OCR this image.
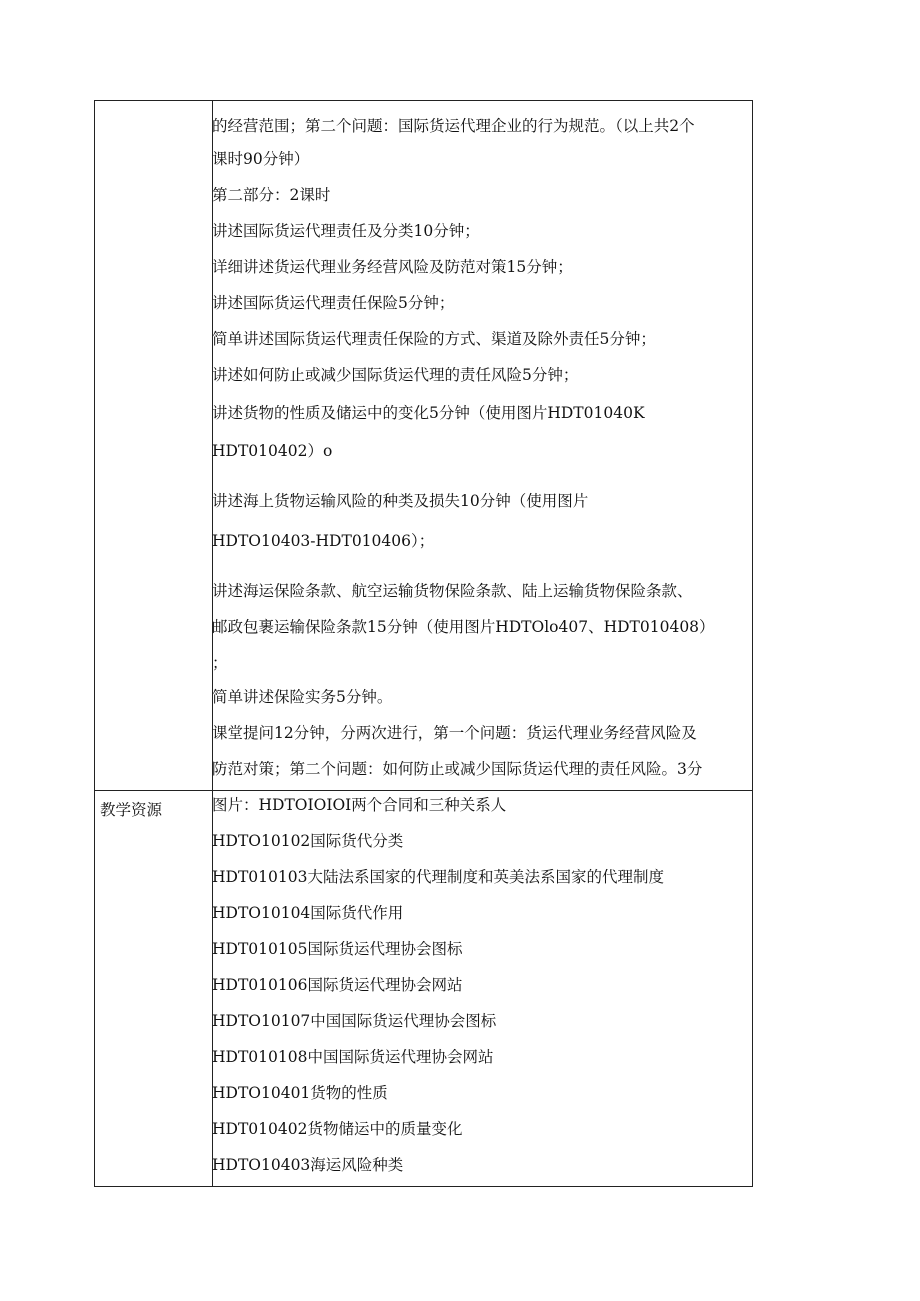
的经营范围；第二个问题：国际货运代理企业的行为规范。（以上共2个
课时90分钟）
第二部分：2课时
讲述国际货运代理责任及分类10分钟；
详细讲述货运代理业务经营风险及防范对策15分钟；
讲述国际货运代理责任保险5分钟；
简单讲述国际货运代理责任保险的方式、渠道及除外责任5分钟；
讲述如何防止或减少国际货运代理的责任风险5分钟；
讲述货物的性质及储运中的变化5分钟（使用图片HDT01040K
HDT010402）o
讲述海上货物运输风险的种类及损失10分钟（使用图片
HDTO10403-HDT010406）；
讲述海运保险条款、航空运输货物保险条款、陆上运输货物保险条款、
邮政包裹运输保险条款15分钟（使用图片HDTOlo407、HDT010408）
；
简单讲述保险实务5分钟。
课堂提问12分钟，分两次进行，第一个问题：货运代理业务经营风险及
防范对策；第二个问题：如何防止或减少国际货运代理的责任风险。3分
教学资源	图片：HDTOIOIOI两个合同和三种关系人
HDTO10102国际货代分类
HDT010103大陆法系国家的代理制度和英美法系国家的代理制度
HDTO10104国际货代作用
HDT010105国际货运代理协会图标
HDT010106国际货运代理协会网站
HDTO10107中国国际货运代理协会图标
HDT010108中国国际货运代理协会网站
HDTO10401货物的性质
HDT010402货物储运中的质量变化
HDTO10403海运风险种类
